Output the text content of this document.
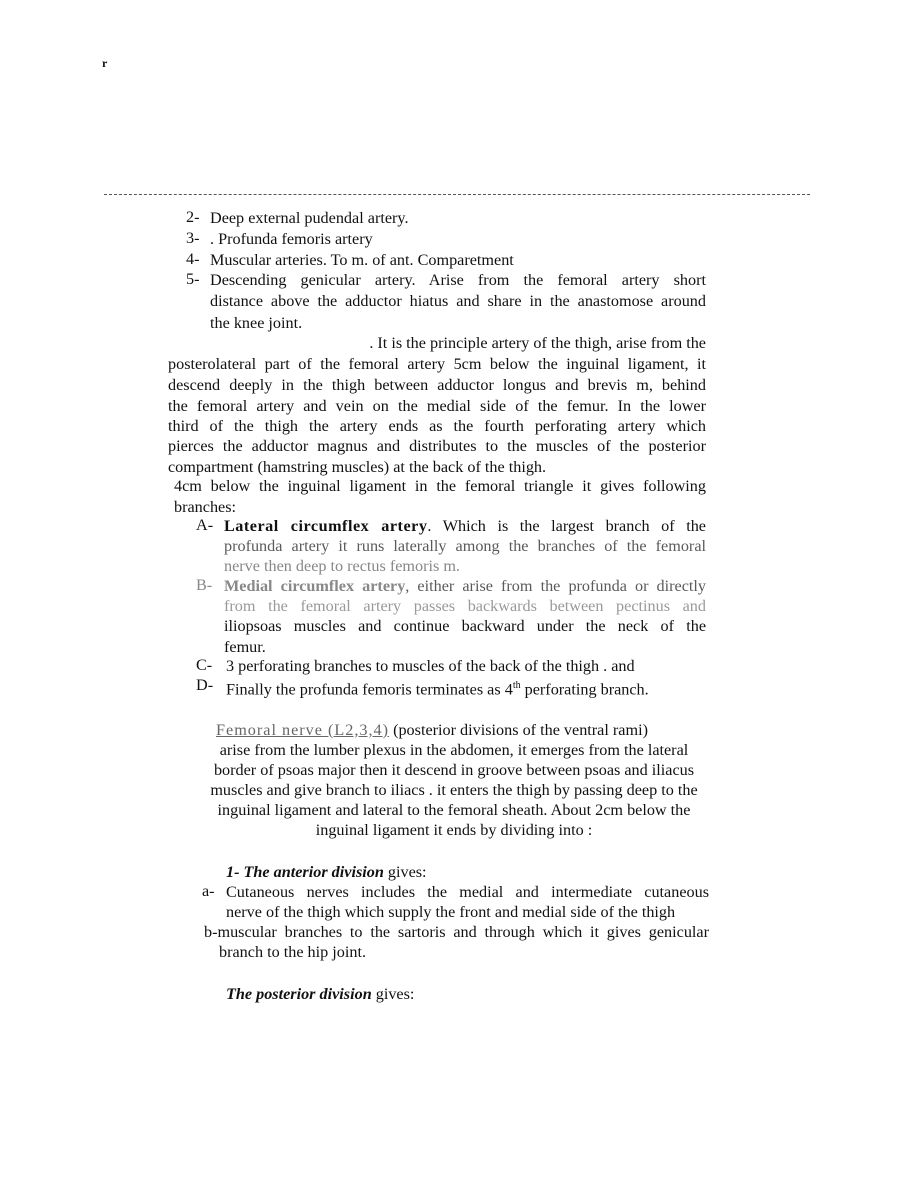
r
2- Deep external pudendal artery.
3- . Profunda femoris artery
4- Muscular arteries. To m. of ant. Comparetment
5- Descending genicular artery. Arise from the femoral artery short
distance above the adductor hiatus and share in the anastomose around
the knee joint.
. It is the principle artery of the thigh, arise from the
posterolateral part of the femoral artery 5cm below the inguinal ligament, it
descend deeply in the thigh between adductor longus and brevis m, behind
the femoral artery and vein on the medial side of the femur. In the lower
third of the thigh the artery ends as the fourth perforating artery which
pierces the adductor magnus and distributes to the muscles of the posterior
compartment (hamstring muscles) at the back of the thigh.
4cm below the inguinal ligament in the femoral triangle it gives following
branches:
A- Lateral circumflex artery. Which is the largest branch of the
profunda artery it runs laterally among the branches of the femoral
nerve then deep to rectus femoris m.
B- Medial circumflex artery, either arise from the profunda or directly
from the femoral artery passes backwards between pectinus and
iliopsoas muscles and continue backward under the neck of the
femur.
C- 3 perforating branches to muscles of the back of the thigh . and
D- Finally the profunda femoris terminates as 4th perforating branch.
Femoral nerve (L2,3,4) (posterior divisions of the ventral rami)
arise from the lumber plexus in the abdomen, it emerges from the lateral
border of psoas major then it descend in groove between psoas and iliacus
muscles and give branch to iliacs . it enters the thigh by passing deep to the
inguinal ligament and lateral to the femoral sheath. About 2cm below the
inguinal ligament it ends by dividing into :
1- The anterior division gives:
a- Cutaneous nerves includes the medial and intermediate cutaneous
nerve of the thigh which supply the front and medial side of the thigh
b-muscular branches to the sartoris and through which it gives genicular
branch to the hip joint.
The posterior division gives:
